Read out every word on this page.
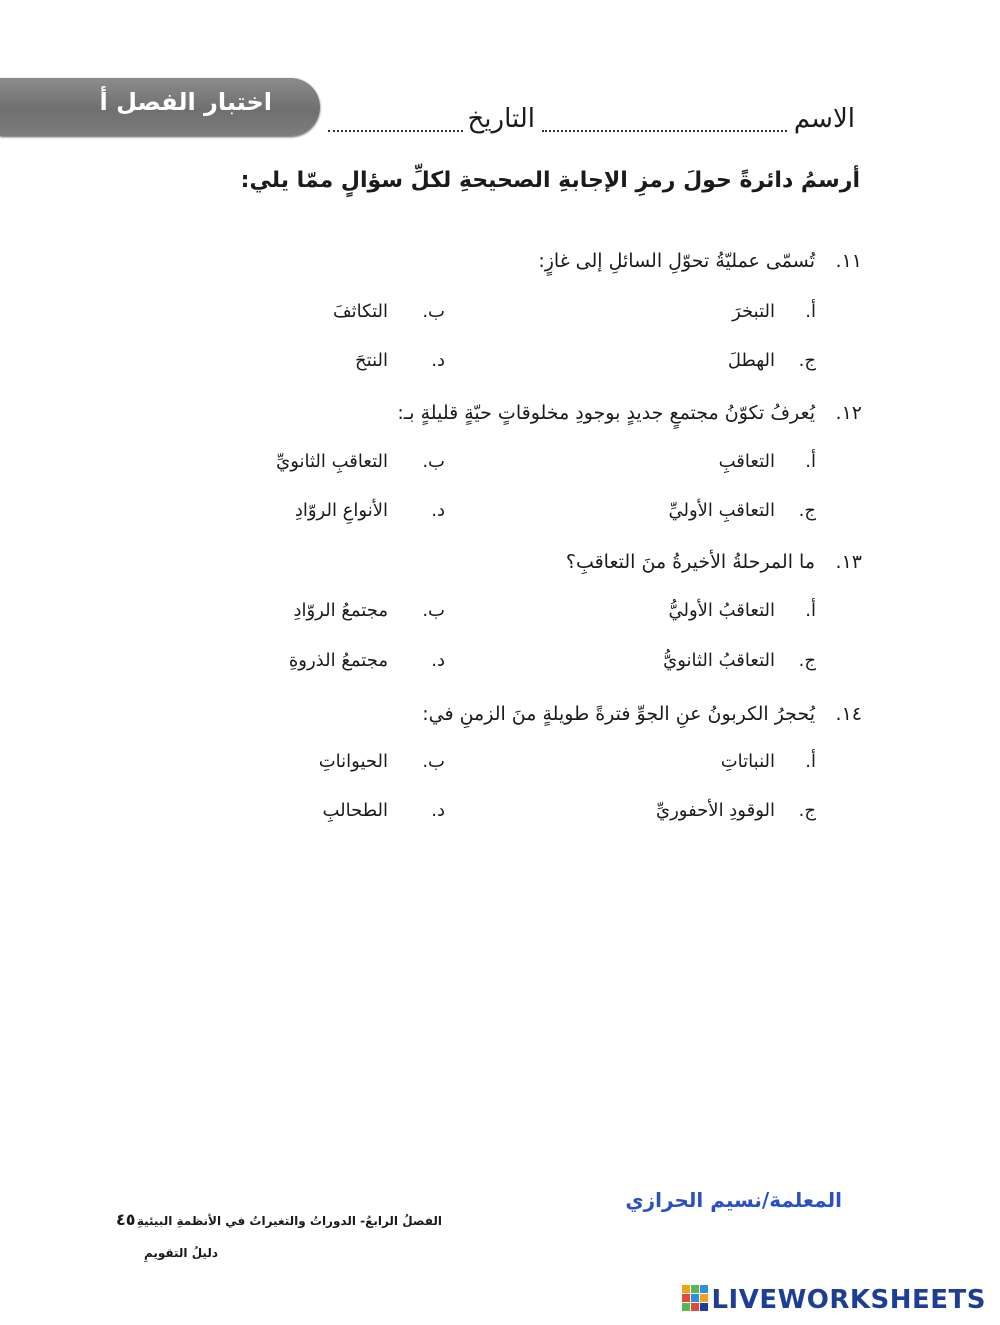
اختبار الفصل أ
الاسم
التاريخ
أرسمُ دائرةً حولَ رمزِ الإجابةِ الصحيحةِ لكلِّ سؤالٍ ممّا يلي:
١١.
تُسمّى عمليّةُ تحوّلِ السائلِ إلى غازٍ:
أ.
التبخرَ
ب.
التكاثفَ
ج.
الهطلَ
د.
النتحَ
١٢.
يُعرفُ تكوّنُ مجتمعٍ جديدٍ بوجودِ مخلوقاتٍ حيّةٍ قليلةٍ بـ:
أ.
التعاقبِ
ب.
التعاقبِ الثانويِّ
ج.
التعاقبِ الأوليِّ
د.
الأنواعِ الروّادِ
١٣.
ما المرحلةُ الأخيرةُ منَ التعاقبِ؟
أ.
التعاقبُ الأوليُّ
ب.
مجتمعُ الروّادِ
ج.
التعاقبُ الثانويُّ
د.
مجتمعُ الذروةِ
١٤.
يُحجرُ الكربونُ عنِ الجوِّ فترةً طويلةٍ منَ الزمنِ في:
أ.
النباتاتِ
ب.
الحيواناتِ
ج.
الوقودِ الأحفوريِّ
د.
الطحالبِ
المعلمة/نسيم الحرازي
الفصلُ الرابعُ- الدوراتُ والتغيراتُ في الأنظمةِ البيئيةِ
٤٥
دليلُ التقويمِ
LIVEWORKSHEETS
